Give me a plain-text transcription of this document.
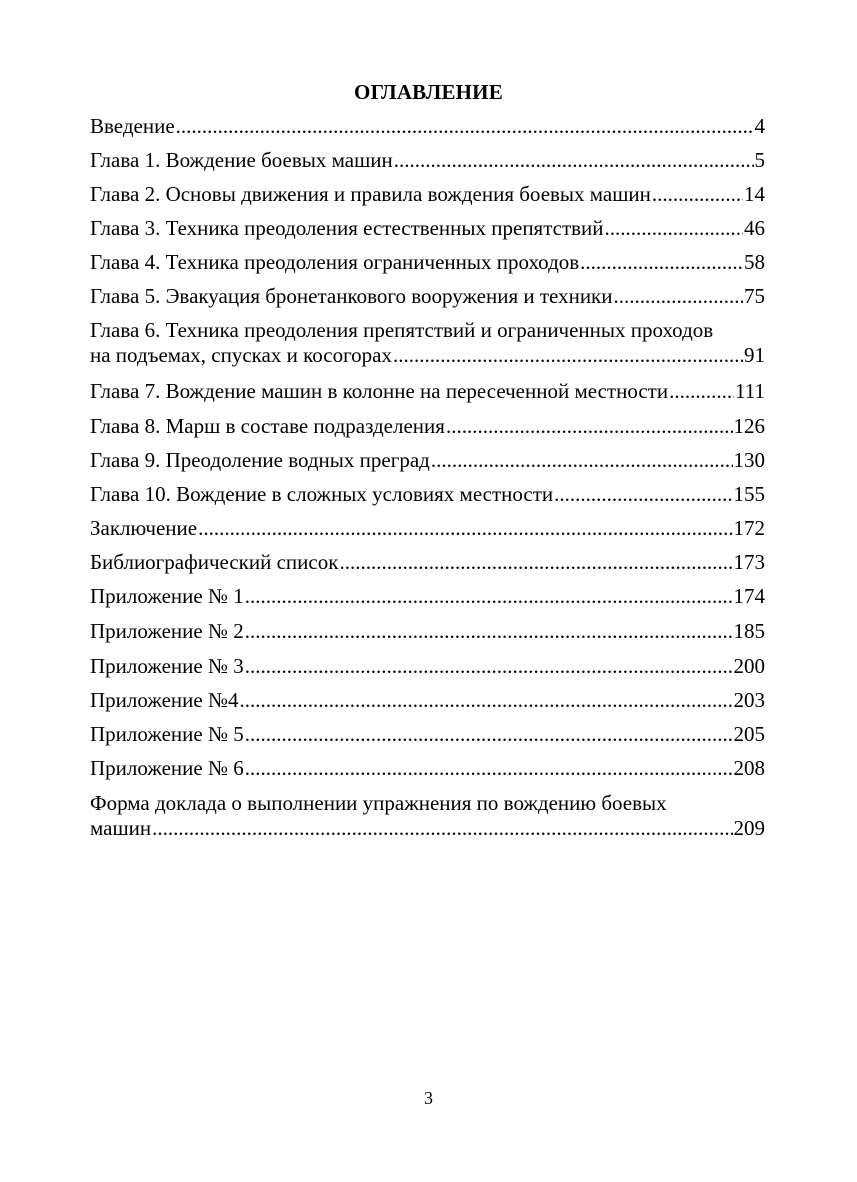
ОГЛАВЛЕНИЕ
Введение .....	4
Глава 1. Вождение боевых машин .....	5
Глава 2. Основы движения и правила вождения боевых машин .....	14
Глава 3. Техника преодоления естественных препятствий .....	46
Глава 4. Техника преодоления ограниченных проходов .....	58
Глава 5. Эвакуация бронетанкового вооружения и техники .....	75
Глава 6. Техника преодоления препятствий и ограниченных проходов
на подъемах, спусках и косогорах .....	91
Глава 7. Вождение машин в колонне на пересеченной местности .....	111
Глава 8. Марш в составе подразделения .....	126
Глава 9. Преодоление водных преград .....	130
Глава 10. Вождение в сложных условиях местности .....	155
Заключение .....	172
Библиографический список .....	173
Приложение № 1 .....	174
Приложение № 2 .....	185
Приложение № 3 .....	200
Приложение №4 .....	203
Приложение № 5 .....	205
Приложение № 6 .....	208
Форма доклада о выполнении упражнения по вождению боевых
машин .....	209
3
